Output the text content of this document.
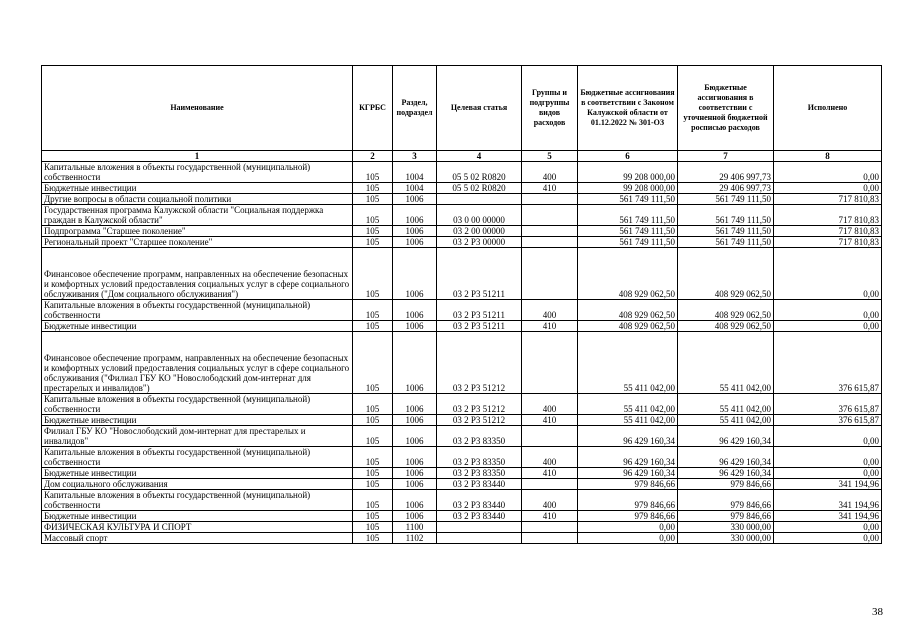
Наименование	КГРБС	Раздел, подраздел	Целевая статья	Группы и подгруппы видов расходов	Бюджетные ассигнования в соответствии с Законом Калужской области от 01.12.2022 № 301-ОЗ	Бюджетные ассигнования в соответствии с уточненной бюджетной росписью расходов	Исполнено
1	2	3	4	5	6	7	8
Капитальные вложения в объекты государственной (муниципальной) собственности	105	1004	05 5 02 R0820	400	99 208 000,00	29 406 997,73	0,00
Бюджетные инвестиции	105	1004	05 5 02 R0820	410	99 208 000,00	29 406 997,73	0,00
Другие вопросы в области социальной политики	105	1006			561 749 111,50	561 749 111,50	717 810,83
Государственная программа Калужской области "Социальная поддержка граждан в Калужской области"	105	1006	03 0 00 00000		561 749 111,50	561 749 111,50	717 810,83
Подпрограмма "Старшее поколение"	105	1006	03 2 00 00000		561 749 111,50	561 749 111,50	717 810,83
Региональный проект "Старшее поколение"	105	1006	03 2 P3 00000		561 749 111,50	561 749 111,50	717 810,83
Финансовое обеспечение программ, направленных на обеспечение безопасных и комфортных условий предоставления социальных услуг в сфере социального обслуживания ("Дом социального обслуживания")	105	1006	03 2 P3 51211		408 929 062,50	408 929 062,50	0,00
Капитальные вложения в объекты государственной (муниципальной) собственности	105	1006	03 2 P3 51211	400	408 929 062,50	408 929 062,50	0,00
Бюджетные инвестиции	105	1006	03 2 P3 51211	410	408 929 062,50	408 929 062,50	0,00
Финансовое обеспечение программ, направленных на обеспечение безопасных и комфортных условий предоставления социальных услуг в сфере социального обслуживания ("Филиал ГБУ КО "Новослободский дом-интернат для престарелых и инвалидов")	105	1006	03 2 P3 51212		55 411 042,00	55 411 042,00	376 615,87
Капитальные вложения в объекты государственной (муниципальной) собственности	105	1006	03 2 P3 51212	400	55 411 042,00	55 411 042,00	376 615,87
Бюджетные инвестиции	105	1006	03 2 P3 51212	410	55 411 042,00	55 411 042,00	376 615,87
Филиал ГБУ КО "Новослободский дом-интернат для престарелых и инвалидов"	105	1006	03 2 P3 83350		96 429 160,34	96 429 160,34	0,00
Капитальные вложения в объекты государственной (муниципальной) собственности	105	1006	03 2 P3 83350	400	96 429 160,34	96 429 160,34	0,00
Бюджетные инвестиции	105	1006	03 2 P3 83350	410	96 429 160,34	96 429 160,34	0,00
Дом социального обслуживания	105	1006	03 2 P3 83440		979 846,66	979 846,66	341 194,96
Капитальные вложения в объекты государственной (муниципальной) собственности	105	1006	03 2 P3 83440	400	979 846,66	979 846,66	341 194,96
Бюджетные инвестиции	105	1006	03 2 P3 83440	410	979 846,66	979 846,66	341 194,96
ФИЗИЧЕСКАЯ КУЛЬТУРА И СПОРТ	105	1100			0,00	330 000,00	0,00
Массовый спорт	105	1102			0,00	330 000,00	0,00
38
